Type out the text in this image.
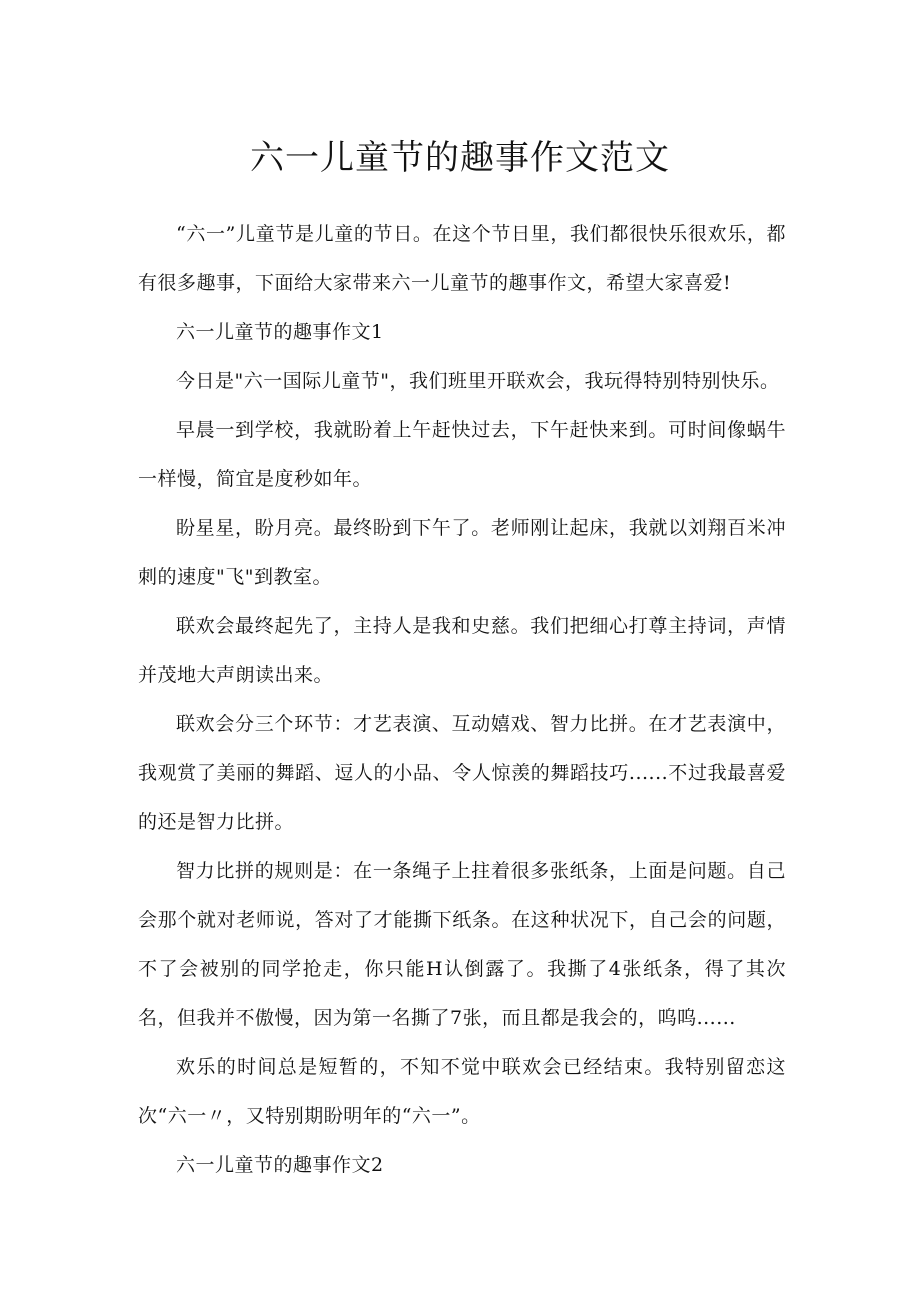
六一儿童节的趣事作文范文

“六一”儿童节是儿童的节日。在这个节日里，我们都很快乐很欢乐，都有很多趣事，下面给大家带来六一儿童节的趣事作文，希望大家喜爱!

六一儿童节的趣事作文1

今日是"六一国际儿童节"，我们班里开联欢会，我玩得特别特别快乐。

早晨一到学校，我就盼着上午赶快过去，下午赶快来到。可时间像蜗牛一样慢，简宜是度秒如年。

盼星星，盼月亮。最终盼到下午了。老师刚让起床，我就以刘翔百米冲刺的速度"飞"到教室。

联欢会最终起先了，主持人是我和史慈。我们把细心打尊主持词，声情并茂地大声朗读出来。

联欢会分三个环节：才艺表演、互动嬉戏、智力比拼。在才艺表演中，我观赏了美丽的舞蹈、逗人的小品、令人惊羡的舞蹈技巧......不过我最喜爱的还是智力比拼。

智力比拼的规则是：在一条绳子上拄着很多张纸条，上面是问题。自己会那个就对老师说，答对了才能撕下纸条。在这种状况下，自己会的问题，不了会被别的同学抢走，你只能H认倒露了。我撕了4张纸条，得了其次名，但我并不傲慢，因为第一名撕了7张，而且都是我会的，呜呜......

欢乐的时间总是短暂的，不知不觉中联欢会已经结束。我特别留恋这次“六一〃，又特别期盼明年的“六一”。

六一儿童节的趣事作文2
